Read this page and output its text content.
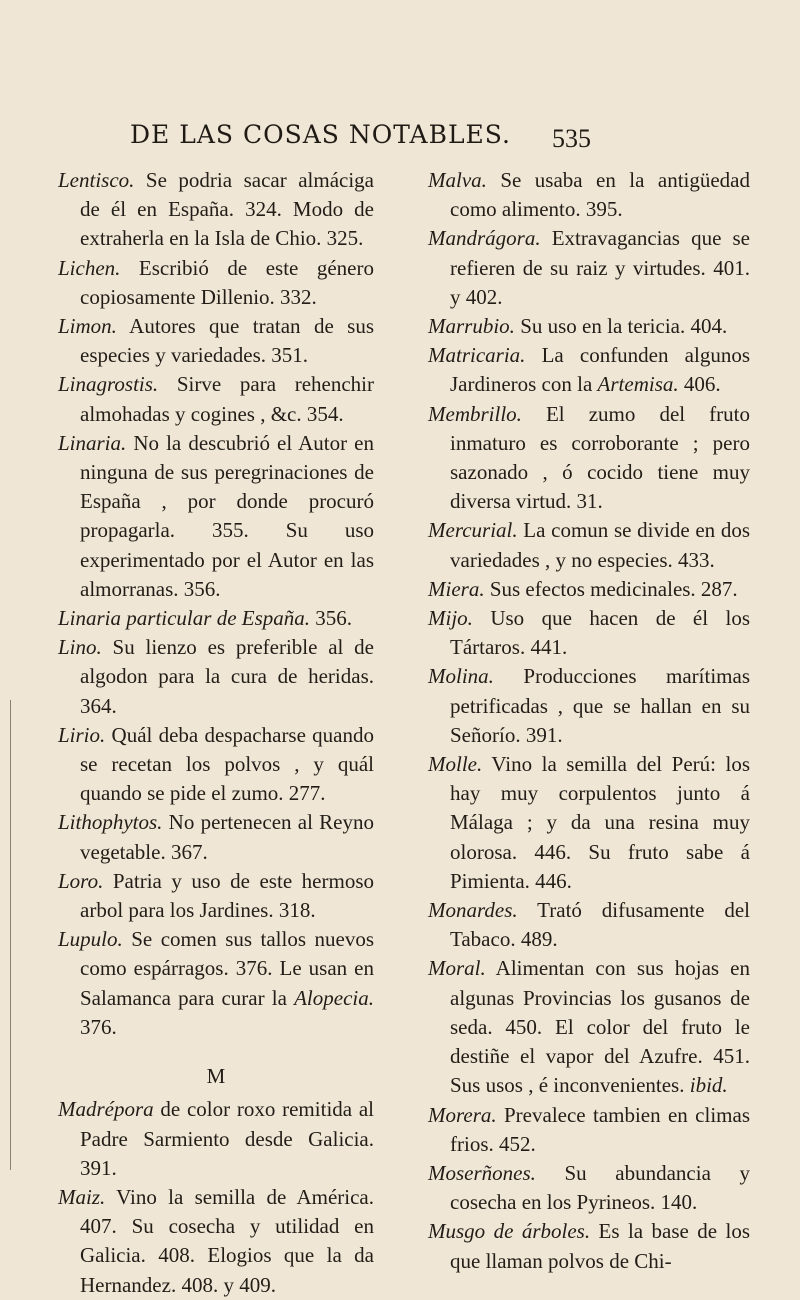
DE LAS COSAS NOTABLES. 535

Lentisco. Se podria sacar almáciga de él en España. 324. Modo de extraherla en la Isla de Chio. 325.

Lichen. Escribió de este género copiosamente Dillenio. 332.

Limon. Autores que tratan de sus especies y variedades. 351.

Linagrostis. Sirve para rehenchir almohadas y cogines , &c. 354.

Linaria. No la descubrió el Autor en ninguna de sus peregrinaciones de España , por donde procuró propagarla. 355. Su uso experimentado por el Autor en las almorranas. 356.

Linaria particular de España. 356.

Lino. Su lienzo es preferible al de algodon para la cura de heridas. 364.

Lirio. Quál deba despacharse quando se recetan los polvos , y quál quando se pide el zumo. 277.

Lithophytos. No pertenecen al Reyno vegetable. 367.

Loro. Patria y uso de este hermoso arbol para los Jardines. 318.

Lupulo. Se comen sus tallos nuevos como espárragos. 376. Le usan en Salamanca para curar la Alopecia. 376.

M

Madrépora de color roxo remitida al Padre Sarmiento desde Galicia. 391.

Maiz. Vino la semilla de América. 407. Su cosecha y utilidad en Galicia. 408. Elogios que la da Hernandez. 408. y 409.

Malva. Se usaba en la antigüedad como alimento. 395.

Mandrágora. Extravagancias que se refieren de su raiz y virtudes. 401. y 402.

Marrubio. Su uso en la tericia. 404.

Matricaria. La confunden algunos Jardineros con la Artemisa. 406.

Membrillo. El zumo del fruto inmaturo es corroborante ; pero sazonado , ó cocido tiene muy diversa virtud. 31.

Mercurial. La comun se divide en dos variedades , y no especies. 433.

Miera. Sus efectos medicinales. 287.

Mijo. Uso que hacen de él los Tártaros. 441.

Molina. Producciones marítimas petrificadas , que se hallan en su Señorío. 391.

Molle. Vino la semilla del Perú: los hay muy corpulentos junto á Málaga ; y da una resina muy olorosa. 446. Su fruto sabe á Pimienta. 446.

Monardes. Trató difusamente del Tabaco. 489.

Moral. Alimentan con sus hojas en algunas Provincias los gusanos de seda. 450. El color del fruto le destiñe el vapor del Azufre. 451. Sus usos , é inconvenientes. ibid.

Morera. Prevalece tambien en climas frios. 452.

Moserñones. Su abundancia y cosecha en los Pyrineos. 140.

Musgo de árboles. Es la base de los que llaman polvos de Chi-
